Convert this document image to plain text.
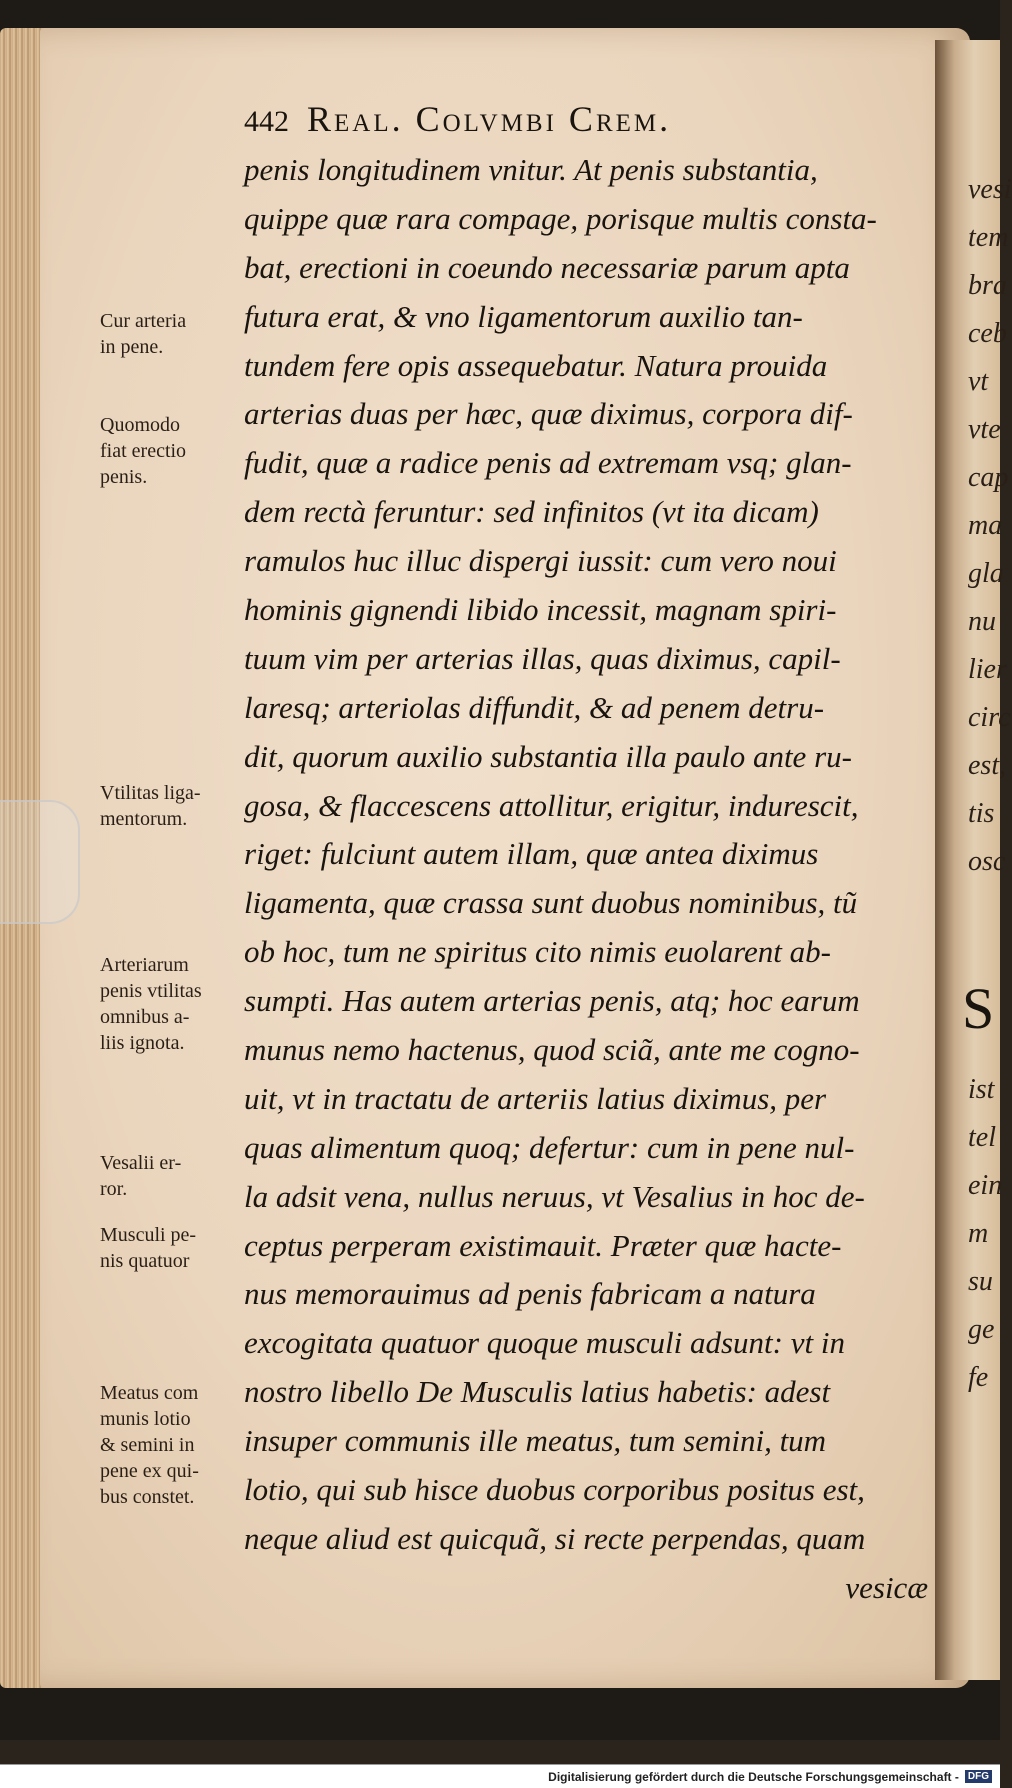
442 Real. Colvmbi Crem.
penis longitudinem vnitur. At penis substantia,
quippe quæ rara compage, porisque multis consta-
bat, erectioni in coeundo necessariæ parum apta
futura erat, & vno ligamentorum auxilio tan-
tundem fere opis assequebatur. Natura prouida
arterias duas per hæc, quæ diximus, corpora dif-
fudit, quæ a radice penis ad extremam vsq; glan-
dem rectà feruntur: sed infinitos (vt ita dicam)
ramulos huc illuc dispergi iussit: cum vero noui
hominis gignendi libido incessit, magnam spiri-
tuum vim per arterias illas, quas diximus, capil-
laresq; arteriolas diffundit, & ad penem detru-
dit, quorum auxilio substantia illa paulo ante ru-
gosa, & flaccescens attollitur, erigitur, indurescit,
riget: fulciunt autem illam, quæ antea diximus
ligamenta, quæ crassa sunt duobus nominibus, tũ
ob hoc, tum ne spiritus cito nimis euolarent ab-
sumpti. Has autem arterias penis, atq; hoc earum
munus nemo hactenus, quod sciã, ante me cogno-
uit, vt in tractatu de arteriis latius diximus, per
quas alimentum quoq; defertur: cum in pene nul-
la adsit vena, nullus neruus, vt Vesalius in hoc de-
ceptus perperam existimauit. Præter quæ hacte-
nus memorauimus ad penis fabricam a natura
excogitata quatuor quoque musculi adsunt: vt in
nostro libello De Musculis latius habetis: adest
insuper communis ille meatus, tum semini, tum
lotio, qui sub hisce duobus corporibus positus est,
neque aliud est quicquã, si recte perpendas, quam
vesicæ
Cur arteria
in pene.
Quomodo
fiat erectio
penis.
Vtilitas liga-
mentorum.
Arteriarum
penis vtilitas
omnibus a-
liis ignota.
Vesalii er-
ror.
Musculi pe-
nis quatuor
Meatus com
munis lotio
& semini in
pene ex qui-
bus constet.
vesi
tem
bra
ceb
vt
vte
cap
ma
gla
nu
lier
circ
est,
tis
osc
S
ist
tel
ein
m
su
ge
fe
Digitalisierung gefördert durch die Deutsche Forschungsgemeinschaft - DFG
